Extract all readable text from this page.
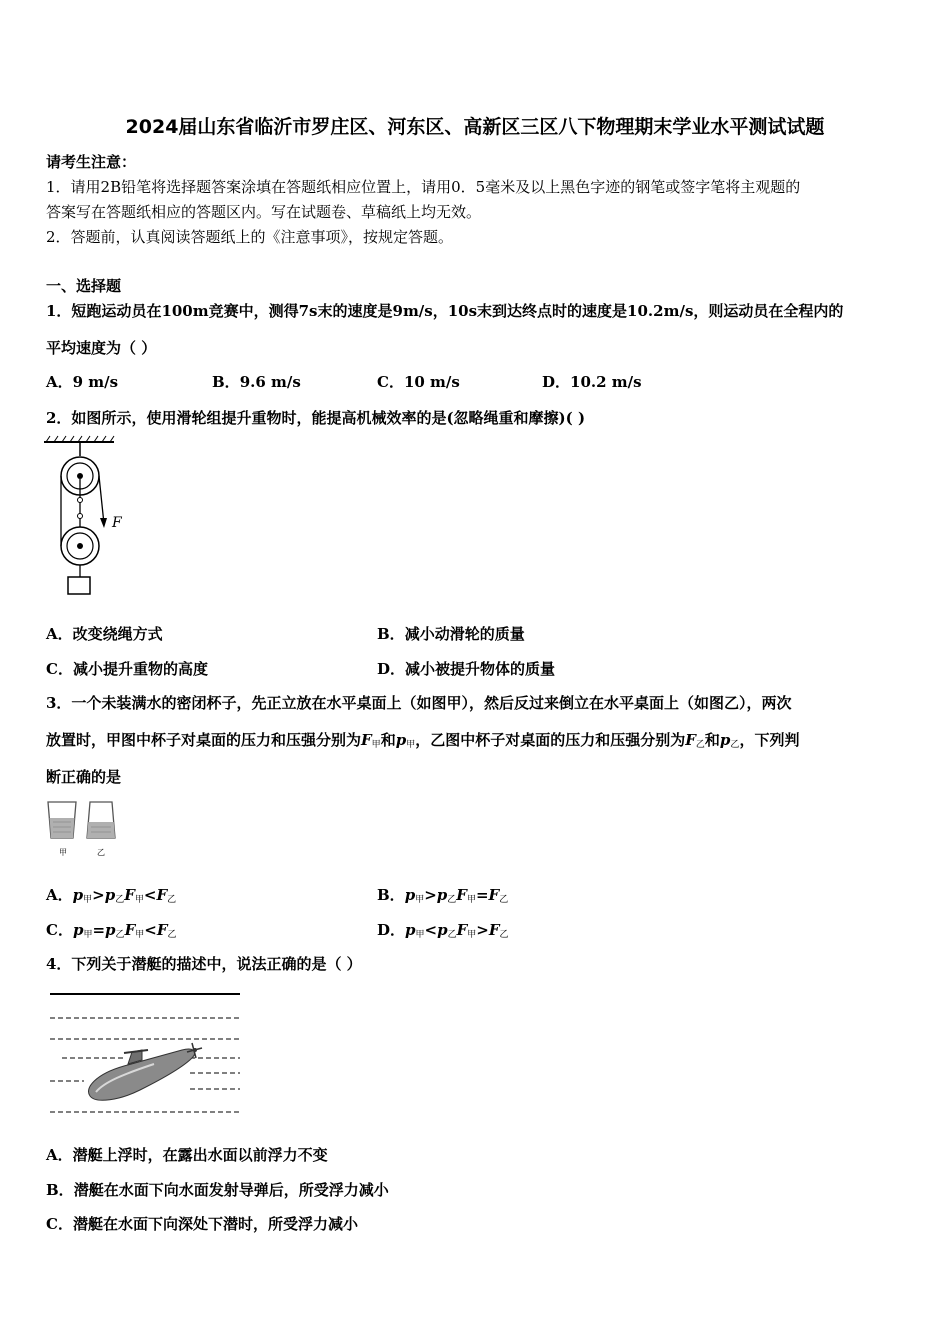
2024届山东省临沂市罗庄区、河东区、高新区三区八下物理期末学业水平测试试题
请考生注意：
1．请用2B铅笔将选择题答案涂填在答题纸相应位置上，请用0．5毫米及以上黑色字迹的钢笔或签字笔将主观题的
答案写在答题纸相应的答题区内。写在试题卷、草稿纸上均无效。
2．答题前，认真阅读答题纸上的《注意事项》，按规定答题。
一、选择题
1．短跑运动员在100m竞赛中，测得7s末的速度是9m/s，10s末到达终点时的速度是10.2m/s，则运动员在全程内的
平均速度为（ ）
A．9 m/s	B．9.6 m/s	C．10 m/s	D．10.2 m/s
2．如图所示，使用滑轮组提升重物时，能提高机械效率的是(忽略绳重和摩擦)( )
F
A．改变绕绳方式	B．减小动滑轮的质量
C．减小提升重物的高度	D．减小被提升物体的质量
3．一个未装满水的密闭杯子，先正立放在水平桌面上（如图甲），然后反过来倒立在水平桌面上（如图乙），两次
放置时，甲图中杯子对桌面的压力和压强分别为$F_甲$和$p_甲$，乙图中杯子对桌面的压力和压强分别为$F_乙$和$p_乙$，下列判
断正确的是
甲	乙
A．$p_甲>p_乙F_甲<F_乙$	B．$p_甲>p_乙F_甲=F_乙$
C．$p_甲=p_乙F_甲<F_乙$	D．$p_甲<p_乙F_甲>F_乙$
4．下列关于潜艇的描述中，说法正确的是（ ）
A．潜艇上浮时，在露出水面以前浮力不变
B．潜艇在水面下向水面发射导弹后，所受浮力减小
C．潜艇在水面下向深处下潜时，所受浮力减小
